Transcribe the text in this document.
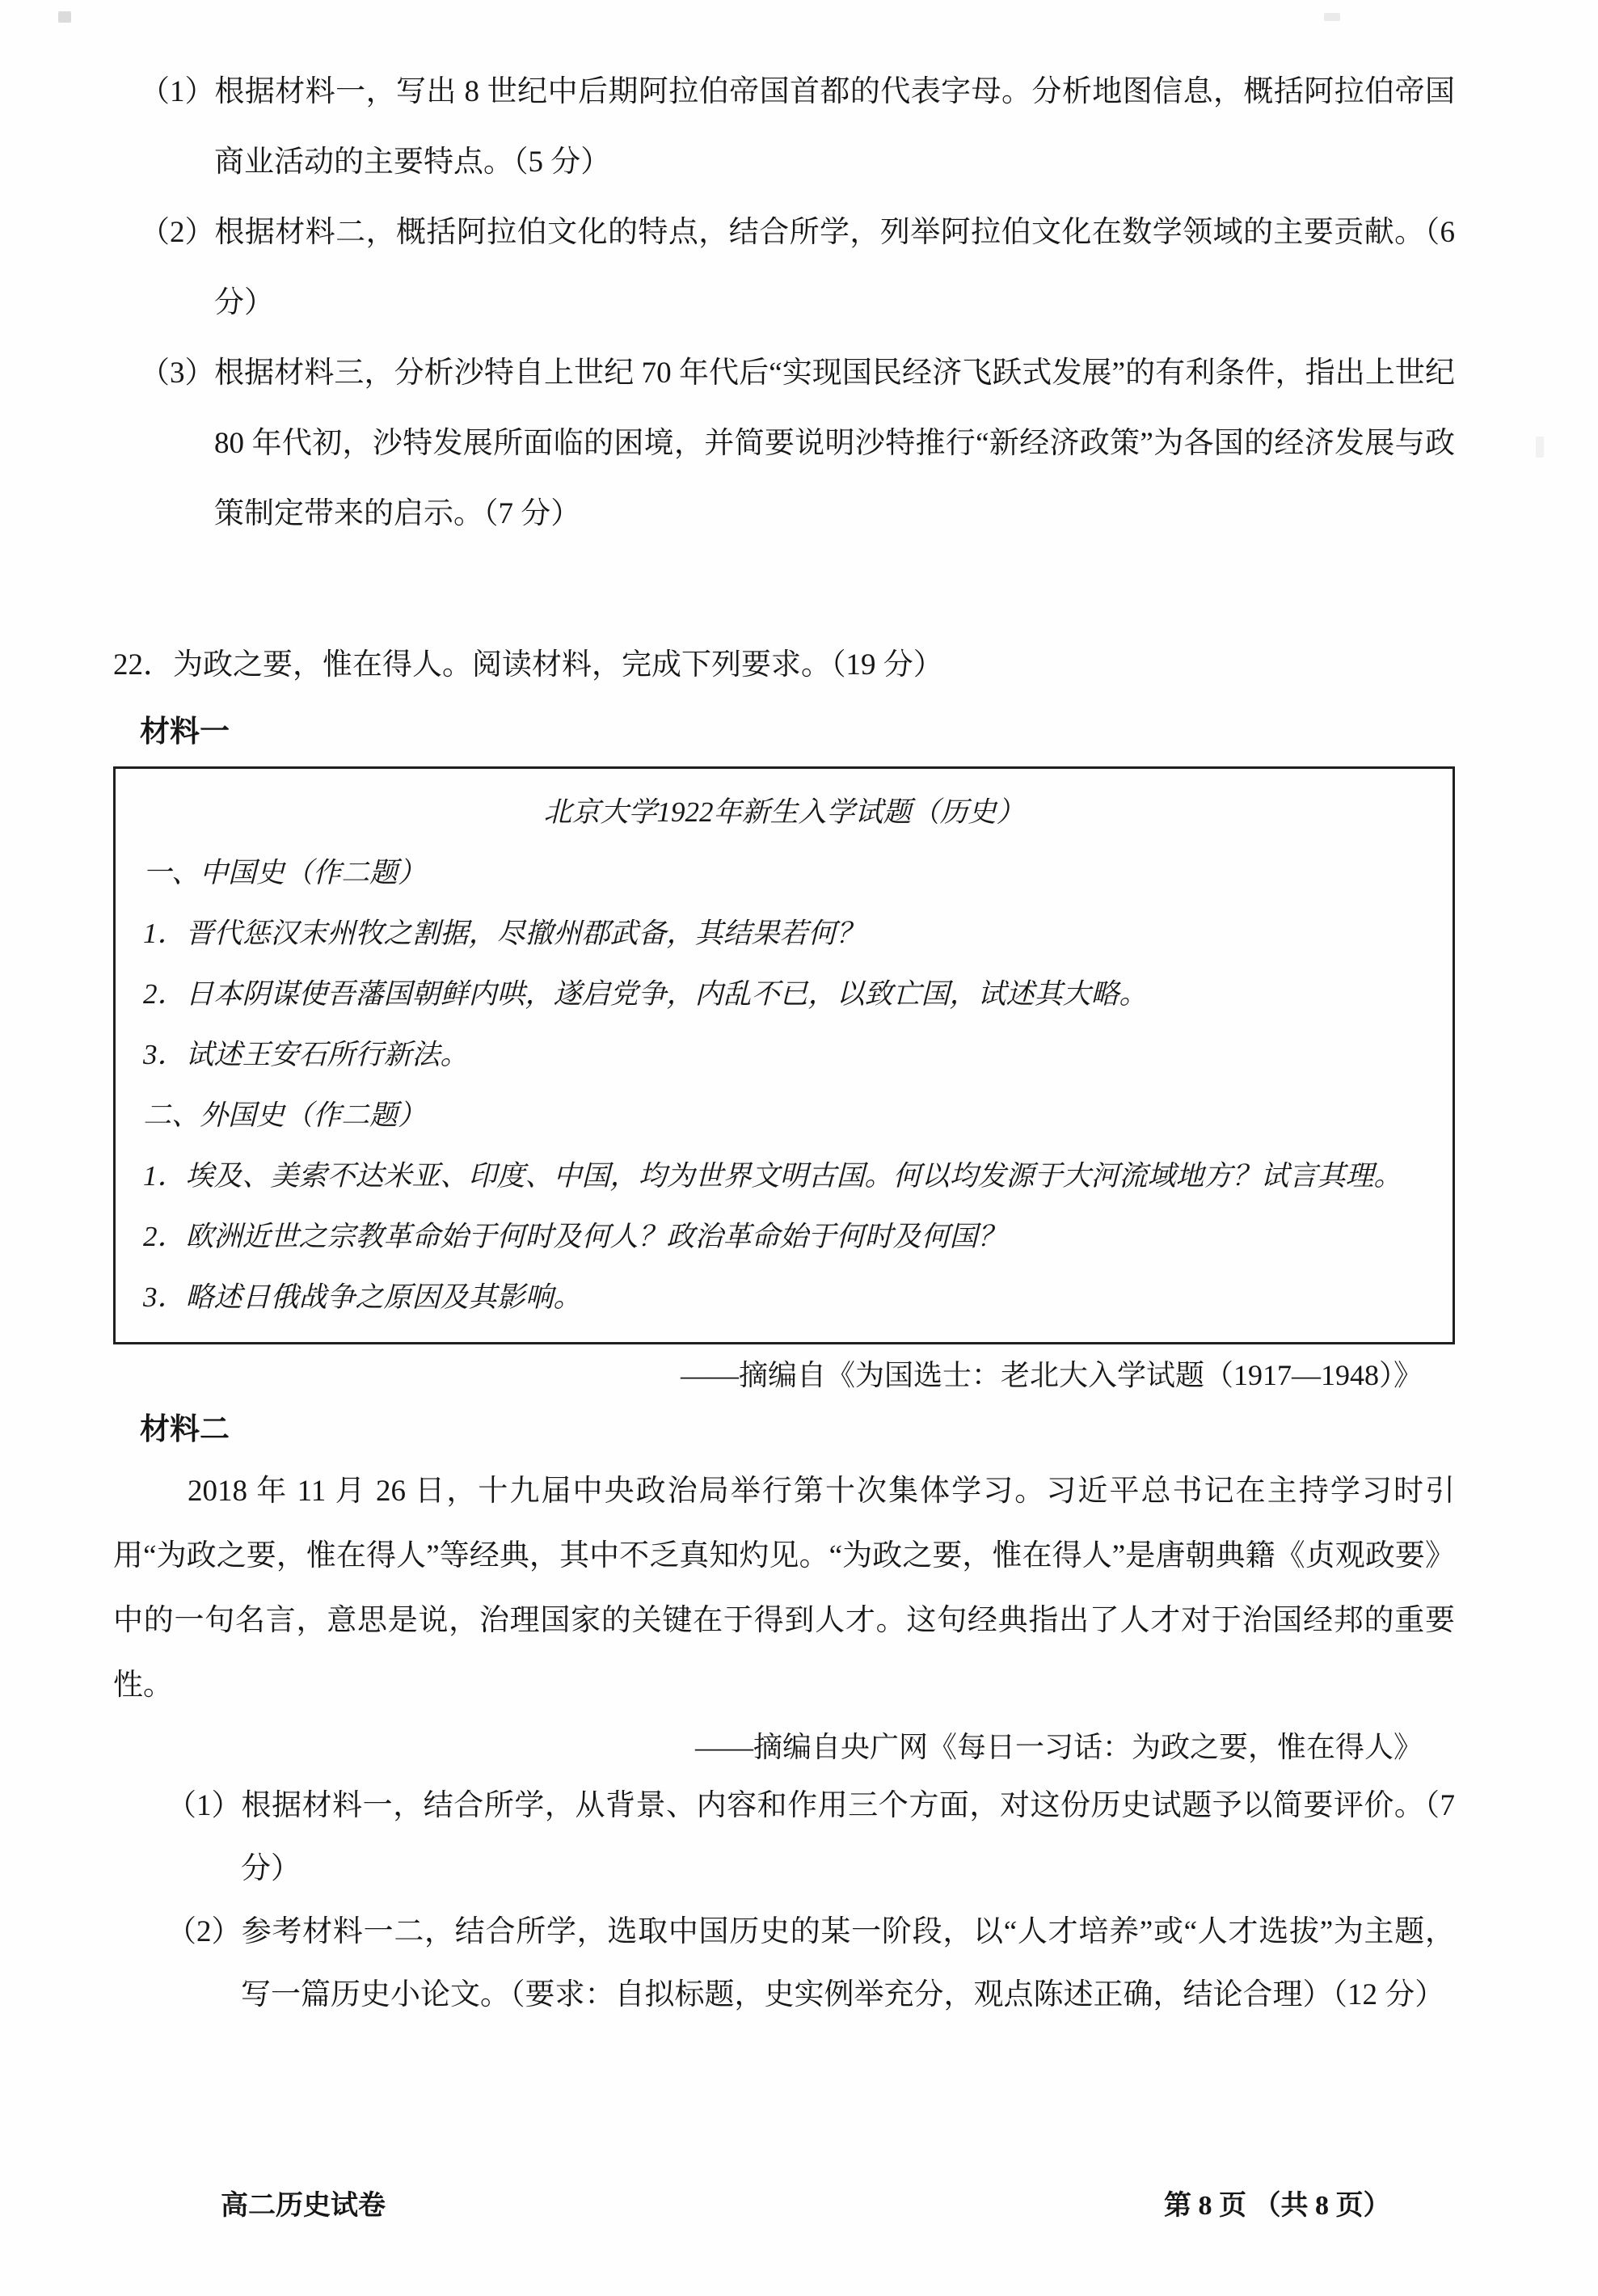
（1）根据材料一，写出 8 世纪中后期阿拉伯帝国首都的代表字母。分析地图信息，概括阿拉伯帝国商业活动的主要特点。（5 分）
（2）根据材料二，概括阿拉伯文化的特点，结合所学，列举阿拉伯文化在数学领域的主要贡献。（6 分）
（3）根据材料三，分析沙特自上世纪 70 年代后“实现国民经济飞跃式发展”的有利条件，指出上世纪 80 年代初，沙特发展所面临的困境，并简要说明沙特推行“新经济政策”为各国的经济发展与政策制定带来的启示。（7 分）
22．为政之要，惟在得人。阅读材料，完成下列要求。（19 分）
材料一
北京大学1922年新生入学试题（历史）
一、中国史（作二题）
1．晋代惩汉末州牧之割据，尽撤州郡武备，其结果若何？
2．日本阴谋使吾藩国朝鲜内哄，遂启党争，内乱不已，以致亡国，试述其大略。
3．试述王安石所行新法。
二、外国史（作二题）
1．埃及、美索不达米亚、印度、中国，均为世界文明古国。何以均发源于大河流域地方？试言其理。
2．欧洲近世之宗教革命始于何时及何人？政治革命始于何时及何国？
3．略述日俄战争之原因及其影响。
——摘编自《为国选士：老北大入学试题（1917—1948）》
材料二

2018 年 11 月 26 日，十九届中央政治局举行第十次集体学习。习近平总书记在主持学习时引用“为政之要，惟在得人”等经典，其中不乏真知灼见。“为政之要，惟在得人”是唐朝典籍《贞观政要》中的一句名言，意思是说，治理国家的关键在于得到人才。这句经典指出了人才对于治国经邦的重要性。

——摘编自央广网《每日一习话：为政之要，惟在得人》
（1）根据材料一，结合所学，从背景、内容和作用三个方面，对这份历史试题予以简要评价。（7 分）
（2）参考材料一二，结合所学，选取中国历史的某一阶段，以“人才培养”或“人才选拔”为主题，写一篇历史小论文。（要求：自拟标题，史实例举充分，观点陈述正确，结论合理）（12 分）
高二历史试卷	第 8 页 （共 8 页）
